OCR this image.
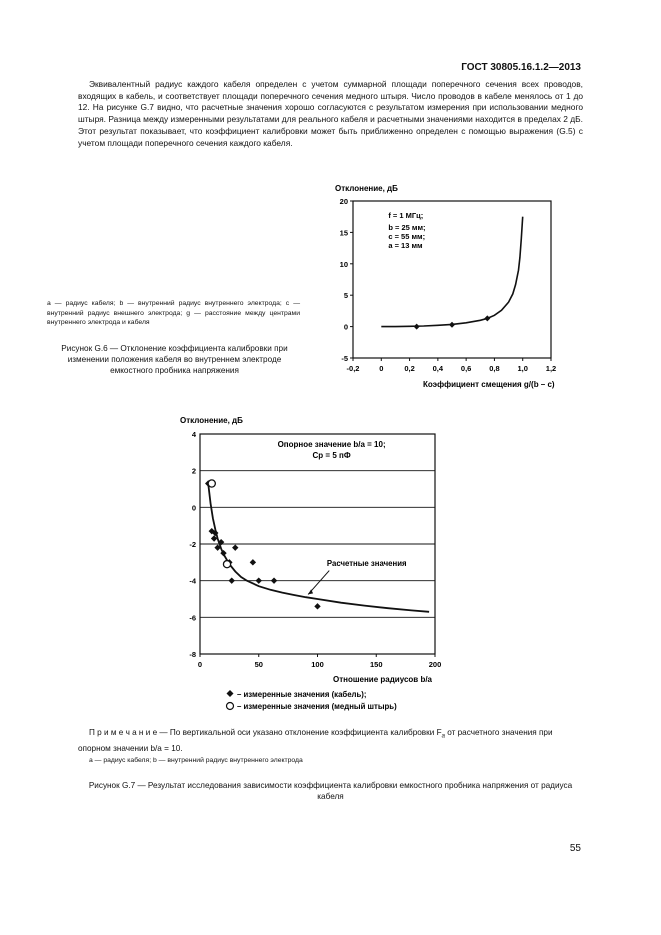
ГОСТ 30805.16.1.2—2013
Эквивалентный радиус каждого кабеля определен с учетом суммарной площади поперечного сечения всех проводов, входящих в кабель, и соответствует площади поперечного сечения медного штыря. Число проводов в кабеле менялось от 1 до 12. На рисунке G.7 видно, что расчетные значения хорошо согласуются с результатом измерения при использовании медного штыря. Разница между измеренными результатами для реального кабеля и расчетными значениями находится в пределах 2 дБ. Этот результат показывает, что коэффициент калибровки может быть приближенно определен с помощью выражения (G.5) с учетом площади поперечного сечения каждого кабеля.
Отклонение, дБ
-5
0
5
10
15
20
-0,2	0	0,2 0,4 0,6 0,8 1,0 1,2
f = 1 МГц;
b = 25 мм;
c = 55 мм;
a = 13 мм
Коэффициент смещения g/(b – c)
a — радиус кабеля; b — внутренний радиус внутреннего электрода; c — внутренний радиус внешнего электрода; g — расстояние между центрами внутреннего электрода и кабеля
Рисунок G.6 — Отклонение коэффициента калибровки при изменении положения кабеля во внутреннем электроде емкостного пробника напряжения
Отклонение, дБ
-8
-6
-4
-2
0
2
4
0	50	100	150	200
Опорное значение b/a = 10;
Cp = 5 пФ
Расчетные значения
Отношение радиусов b/a
– измеренные значения (кабель);
– измеренные значения (медный штырь)
П р и м е ч а н и е — По вертикальной оси указано отклонение коэффициента калибровки $F_a$ от расчетного значения при опорном значении b/a = 10.
a — радиус кабеля; b — внутренний радиус внутреннего электрода
Рисунок G.7 — Результат исследования зависимости коэффициента калибровки емкостного пробника напряжения от радиуса кабеля
55
